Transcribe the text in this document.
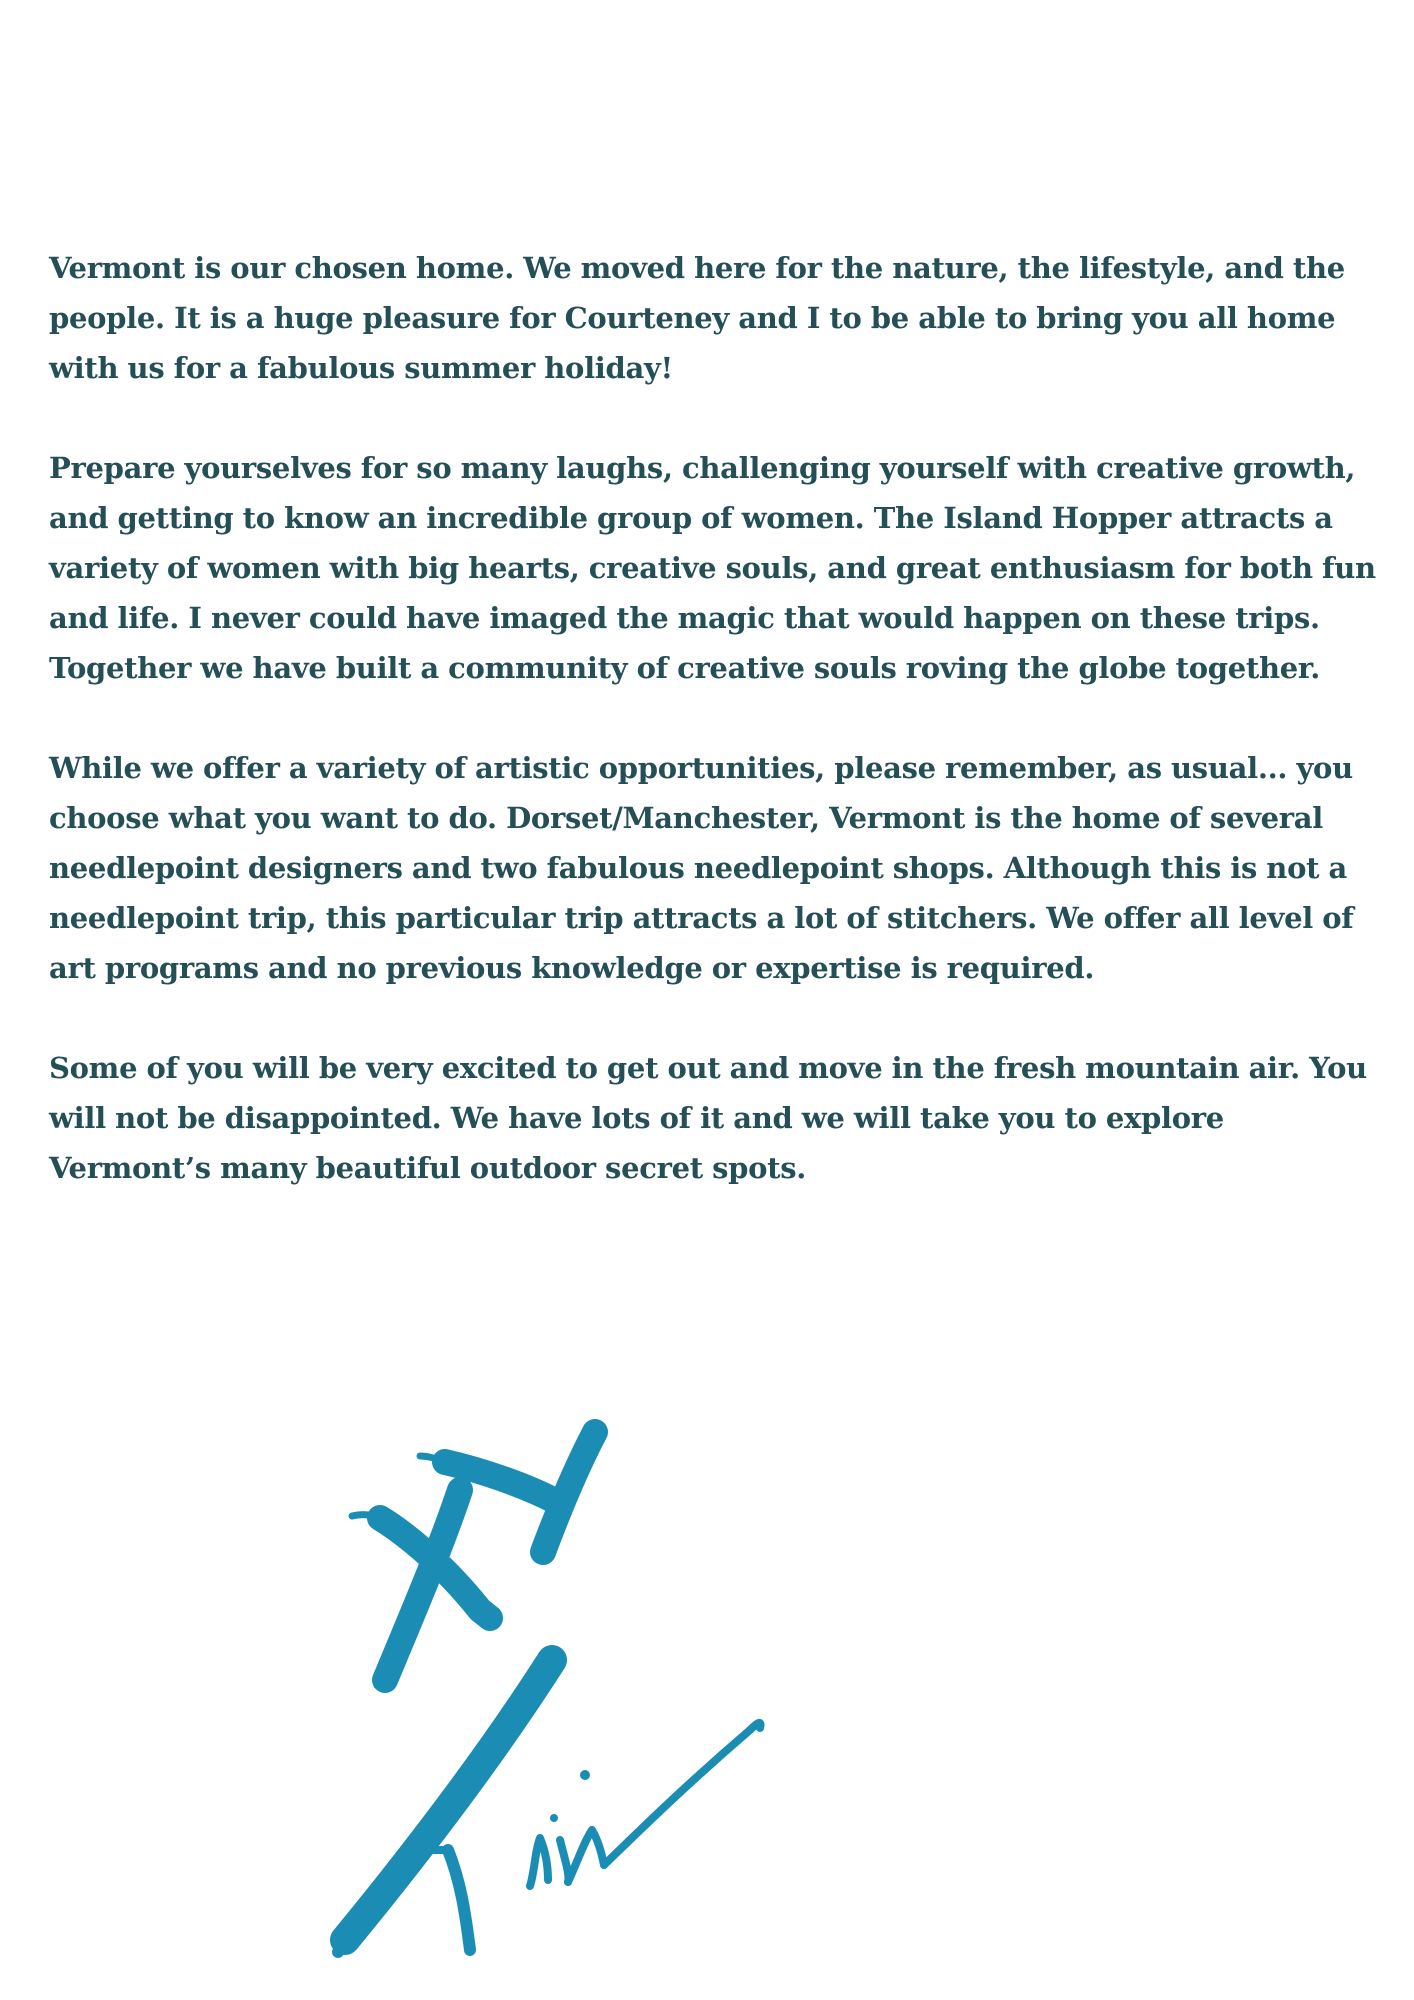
Vermont is our chosen home. We moved here for the nature, the lifestyle, and the people. It is a huge pleasure for Courteney and I to be able to bring you all home with us for a fabulous summer holiday!

Prepare yourselves for so many laughs, challenging yourself with creative growth, and getting to know an incredible group of women. The Island Hopper attracts a variety of women with big hearts, creative souls, and great enthusiasm for both fun and life. I never could have imaged the magic that would happen on these trips. Together we have built a community of creative souls roving the globe together.

While we offer a variety of artistic opportunities, please remember, as usual... you choose what you want to do. Dorset/Manchester, Vermont is the home of several needlepoint designers and two fabulous needlepoint shops. Although this is not a needlepoint trip, this particular trip attracts a lot of stitchers. We offer all level of art programs and no previous knowledge or expertise is required.

Some of you will be very excited to get out and move in the fresh mountain air. You will not be disappointed. We have lots of it and we will take you to explore Vermont’s many beautiful outdoor secret spots.
